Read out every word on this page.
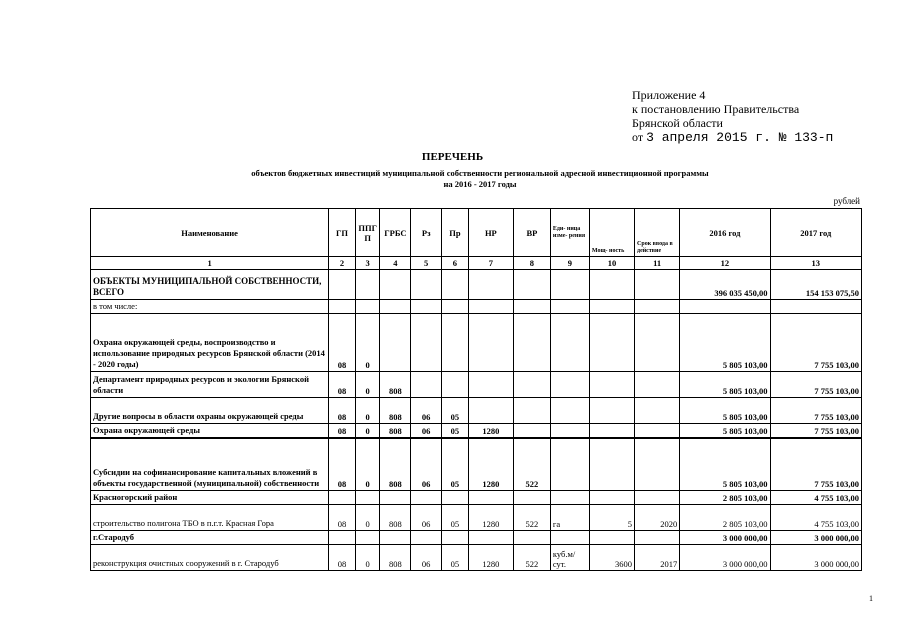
Приложение 4
к постановлению Правительства
Брянской области
от 3 апреля 2015 г. № 133-п
ПЕРЕЧЕНЬ
объектов бюджетных инвестиций муниципальной собственности региональной адресной инвестиционной программы
на 2016 - 2017 годы
рублей
Наименование	ГП	ППГ П	ГРБС	Рз	Пр	НР	ВР	Еди- ница изме- рения	Мощ- ность	Срок ввода в действие	2016 год	2017 год
1	2	3	4	5	6	7	8	9	10	11	12	13
ОБЪЕКТЫ МУНИЦИПАЛЬНОЙ СОБСТВЕННОСТИ, ВСЕГО											396 035 450,00	154 153 075,50
в том числе:												
Охрана окружающей среды, воспроизводство и использование природных ресурсов Брянской области (2014 - 2020 годы)	08	0									5 805 103,00	7 755 103,00
Департамент природных ресурсов и экологии Брянской области	08	0	808								5 805 103,00	7 755 103,00
Другие вопросы в области охраны окружающей среды	08	0	808	06	05						5 805 103,00	7 755 103,00
Охрана окружающей среды	08	0	808	06	05	1280					5 805 103,00	7 755 103,00
Субсидии на софинансирование капитальных вложений в объекты государственной (муниципальной) собственности	08	0	808	06	05	1280	522				5 805 103,00	7 755 103,00
Красногорский район											2 805 103,00	4 755 103,00
строительство полигона ТБО в п.г.т. Красная Гора	08	0	808	06	05	1280	522	га	5	2020	2 805 103,00	4 755 103,00
г.Стародуб											3 000 000,00	3 000 000,00
реконструкция очистных сооружений в г. Стародуб	08	0	808	06	05	1280	522	куб.м/сут.	3600	2017	3 000 000,00	3 000 000,00
1
